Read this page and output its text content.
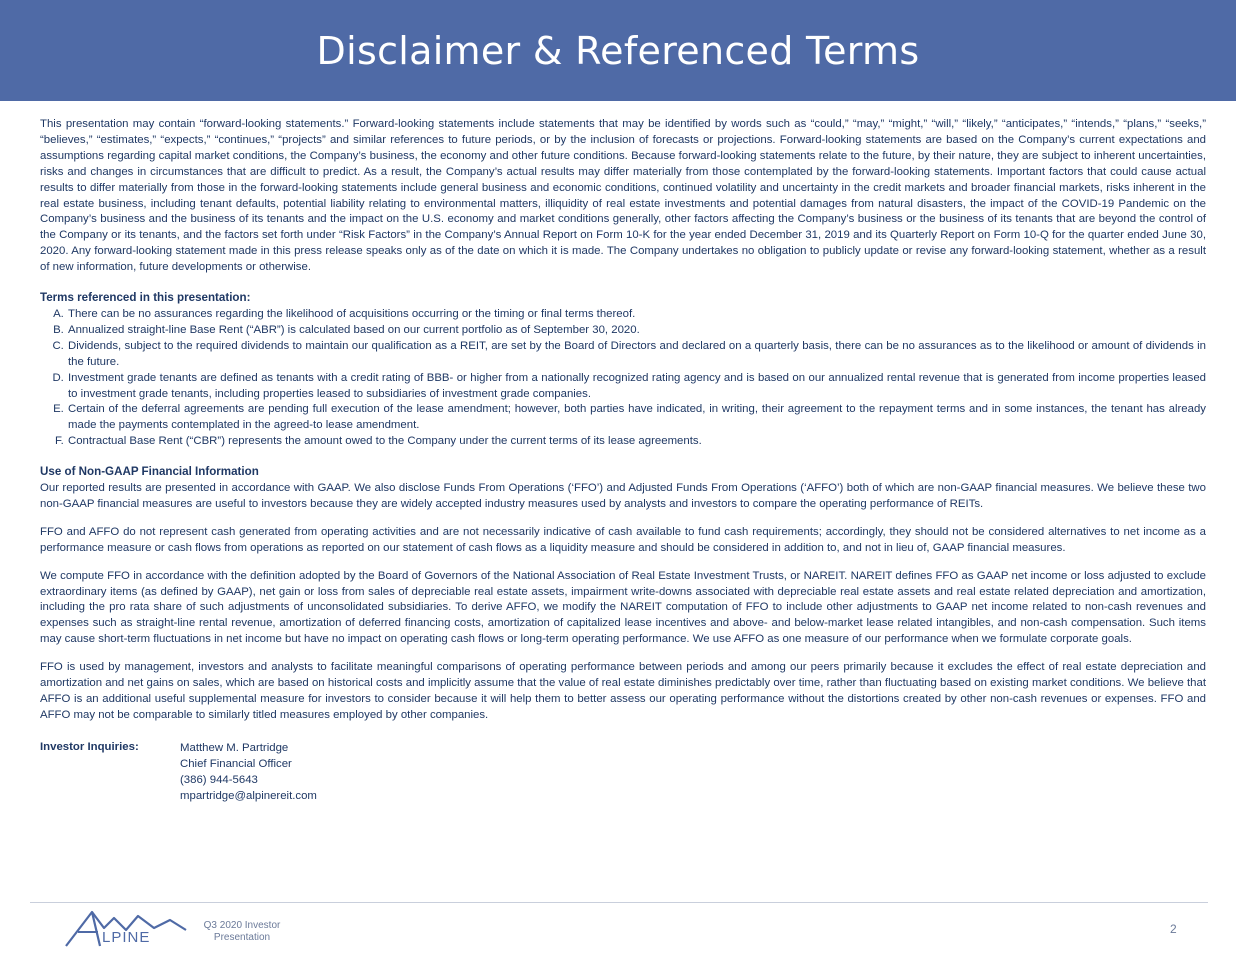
Disclaimer & Referenced Terms

This presentation may contain “forward-looking statements.” Forward-looking statements include statements that may be identified by words such as “could,” “may,” “might,” “will,” “likely,” “anticipates,” “intends,” “plans,” “seeks,” “believes,” “estimates,” “expects,” “continues,” “projects” and similar references to future periods, or by the inclusion of forecasts or projections. Forward-looking statements are based on the Company’s current expectations and assumptions regarding capital market conditions, the Company’s business, the economy and other future conditions. Because forward-looking statements relate to the future, by their nature, they are subject to inherent uncertainties, risks and changes in circumstances that are difficult to predict. As a result, the Company’s actual results may differ materially from those contemplated by the forward-looking statements. Important factors that could cause actual results to differ materially from those in the forward-looking statements include general business and economic conditions, continued volatility and uncertainty in the credit markets and broader financial markets, risks inherent in the real estate business, including tenant defaults, potential liability relating to environmental matters, illiquidity of real estate investments and potential damages from natural disasters, the impact of the COVID-19 Pandemic on the Company’s business and the business of its tenants and the impact on the U.S. economy and market conditions generally, other factors affecting the Company’s business or the business of its tenants that are beyond the control of the Company or its tenants, and the factors set forth under “Risk Factors” in the Company’s Annual Report on Form 10-K for the year ended December 31, 2019 and its Quarterly Report on Form 10-Q for the quarter ended June 30, 2020. Any forward-looking statement made in this press release speaks only as of the date on which it is made. The Company undertakes no obligation to publicly update or revise any forward-looking statement, whether as a result of new information, future developments or otherwise.

Terms referenced in this presentation:
A. There can be no assurances regarding the likelihood of acquisitions occurring or the timing or final terms thereof.
B. Annualized straight-line Base Rent (“ABR”) is calculated based on our current portfolio as of September 30, 2020.
C. Dividends, subject to the required dividends to maintain our qualification as a REIT, are set by the Board of Directors and declared on a quarterly basis, there can be no assurances as to the likelihood or amount of dividends in the future.
D. Investment grade tenants are defined as tenants with a credit rating of BBB- or higher from a nationally recognized rating agency and is based on our annualized rental revenue that is generated from income properties leased to investment grade tenants, including properties leased to subsidiaries of investment grade companies.
E. Certain of the deferral agreements are pending full execution of the lease amendment; however, both parties have indicated, in writing, their agreement to the repayment terms and in some instances, the tenant has already made the payments contemplated in the agreed-to lease amendment.
F. Contractual Base Rent (“CBR”) represents the amount owed to the Company under the current terms of its lease agreements.
Use of Non-GAAP Financial Information

Our reported results are presented in accordance with GAAP. We also disclose Funds From Operations (‘FFO’) and Adjusted Funds From Operations (‘AFFO’) both of which are non-GAAP financial measures. We believe these two non-GAAP financial measures are useful to investors because they are widely accepted industry measures used by analysts and investors to compare the operating performance of REITs.

FFO and AFFO do not represent cash generated from operating activities and are not necessarily indicative of cash available to fund cash requirements; accordingly, they should not be considered alternatives to net income as a performance measure or cash flows from operations as reported on our statement of cash flows as a liquidity measure and should be considered in addition to, and not in lieu of, GAAP financial measures.

We compute FFO in accordance with the definition adopted by the Board of Governors of the National Association of Real Estate Investment Trusts, or NAREIT. NAREIT defines FFO as GAAP net income or loss adjusted to exclude extraordinary items (as defined by GAAP), net gain or loss from sales of depreciable real estate assets, impairment write-downs associated with depreciable real estate assets and real estate related depreciation and amortization, including the pro rata share of such adjustments of unconsolidated subsidiaries. To derive AFFO, we modify the NAREIT computation of FFO to include other adjustments to GAAP net income related to non-cash revenues and expenses such as straight-line rental revenue, amortization of deferred financing costs, amortization of capitalized lease incentives and above- and below-market lease related intangibles, and non-cash compensation. Such items may cause short-term fluctuations in net income but have no impact on operating cash flows or long-term operating performance. We use AFFO as one measure of our performance when we formulate corporate goals.

FFO is used by management, investors and analysts to facilitate meaningful comparisons of operating performance between periods and among our peers primarily because it excludes the effect of real estate depreciation and amortization and net gains on sales, which are based on historical costs and implicitly assume that the value of real estate diminishes predictably over time, rather than fluctuating based on existing market conditions. We believe that AFFO is an additional useful supplemental measure for investors to consider because it will help them to better assess our operating performance without the distortions created by other non-cash revenues or expenses. FFO and AFFO may not be comparable to similarly titled measures employed by other companies.

Investor Inquiries:	Matthew M. Partridge
Chief Financial Officer
(386) 944-5643
mpartridge@alpinereit.com
LPINE
Q3 2020 Investor
Presentation
2
